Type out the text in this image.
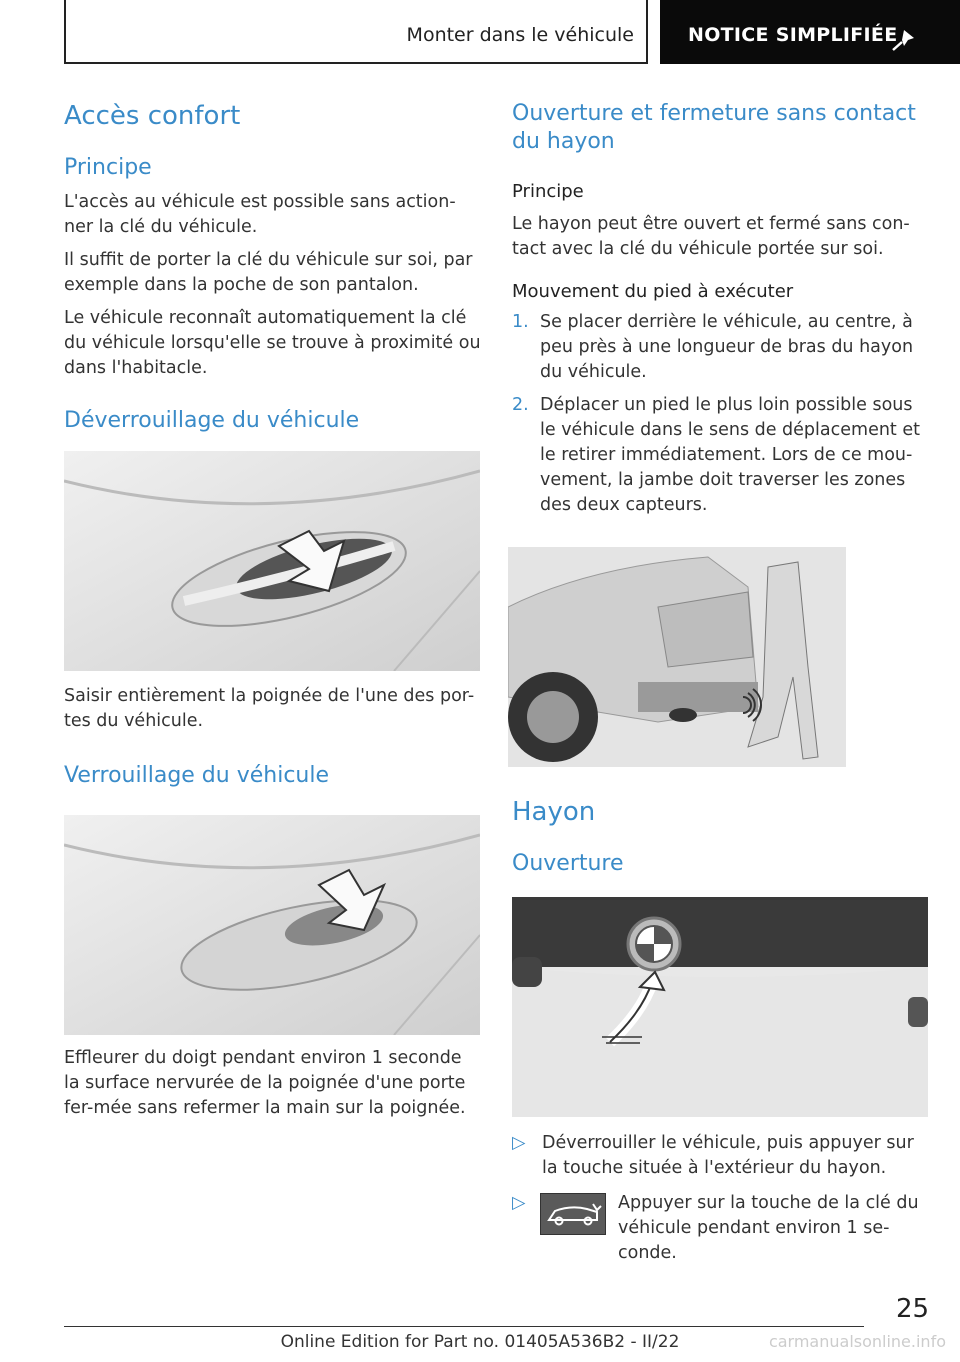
Monter dans le véhicule	NOTICE SIMPLIFIÉE
Accès confort
Principe

L'accès au véhicule est possible sans action-ner la clé du véhicule.

Il suffit de porter la clé du véhicule sur soi, par exemple dans la poche de son pantalon.

Le véhicule reconnaît automatiquement la clé du véhicule lorsqu'elle se trouve à proximité ou dans l'habitacle.

Déverrouillage du véhicule

Saisir entièrement la poignée de l'une des por-tes du véhicule.

Verrouillage du véhicule

Effleurer du doigt pendant environ 1 seconde la surface nervurée de la poignée d'une porte fer-mée sans refermer la main sur la poignée.

Ouverture et fermeture sans contact du hayon
Principe

Le hayon peut être ouvert et fermé sans con-tact avec la clé du véhicule portée sur soi.

Mouvement du pied à exécuter
1. Se placer derrière le véhicule, au centre, à peu près à une longueur de bras du hayon du véhicule.
2. Déplacer un pied le plus loin possible sous le véhicule dans le sens de déplacement et le retirer immédiatement. Lors de ce mou-vement, la jambe doit traverser les zones des deux capteurs.
Hayon
Ouverture
▷ Déverrouiller le véhicule, puis appuyer sur la touche située à l'extérieur du hayon.
▷	Appuyer sur la touche de la clé du véhicule pendant environ 1 se-conde.
25
Online Edition for Part no. 01405A536B2 - II/22	carmanualsonline.info
